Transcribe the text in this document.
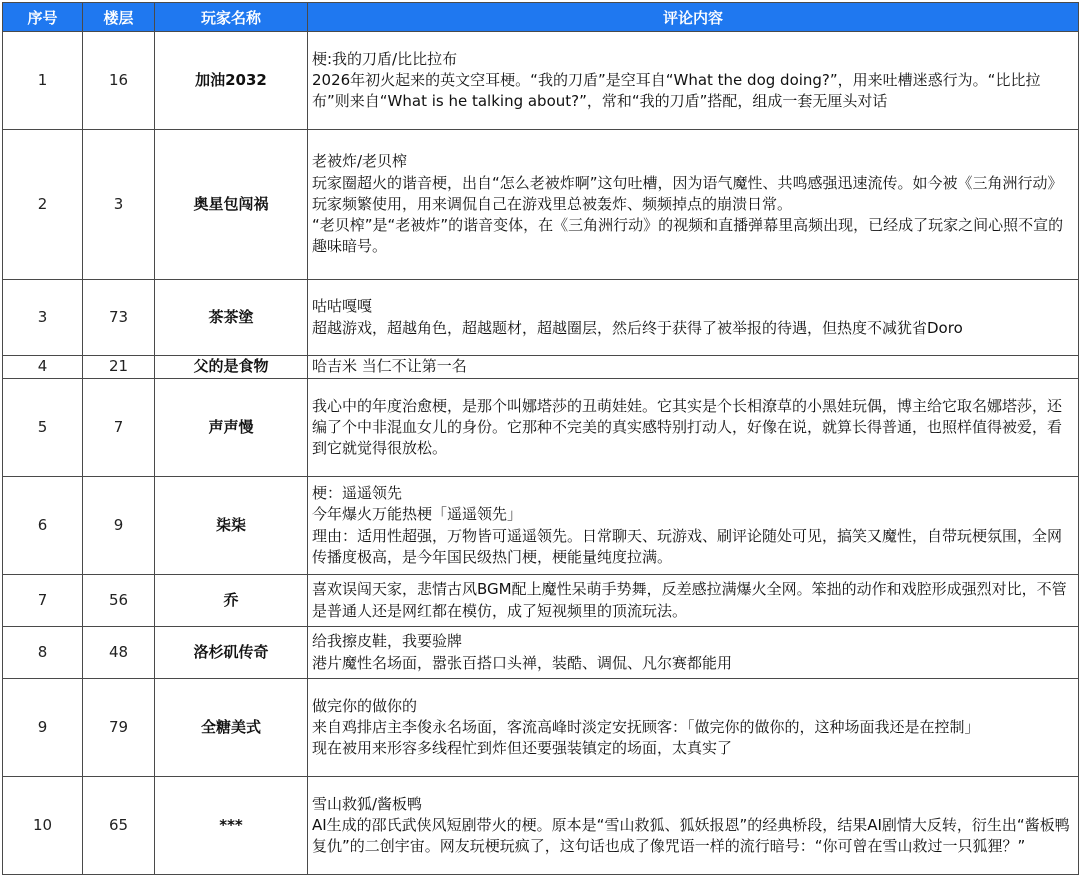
序号	楼层	玩家名称	评论内容
1	16	加油2032	梗:我的刀盾/比比拉布
2026年初火起来的英文空耳梗。“我的刀盾”是空耳自“What the dog doing?”，用来吐槽迷惑行为。“比比拉布”则来自“What is he talking about?”，常和“我的刀盾”搭配，组成一套无厘头对话

2	3	奥星包闯祸	老被炸/老贝榨
玩家圈超火的谐音梗，出自“怎么老被炸啊”这句吐槽，因为语气魔性、共鸣感强迅速流传。如今被《三角洲行动》玩家频繁使用，用来调侃自己在游戏里总被轰炸、频频掉点的崩溃日常。
“老贝榨”是“老被炸”的谐音变体，在《三角洲行动》的视频和直播弹幕里高频出现，已经成了玩家之间心照不宣的趣味暗号。

3	73	茶茶塗	咕咕嘎嘎
超越游戏，超越角色，超越题材，超越圈层，然后终于获得了被举报的待遇，但热度不减犹省Doro

4	21	父的是食物	哈吉米 当仁不让第一名

5	7	声声慢	我心中的年度治愈梗，是那个叫娜塔莎的丑萌娃娃。它其实是个长相潦草的小黑娃玩偶，博主给它取名娜塔莎，还编了个中非混血女儿的身份。它那种不完美的真实感特别打动人，好像在说，就算长得普通，也照样值得被爱，看到它就觉得很放松。

6	9	柒柒	梗：遥遥领先
今年爆火万能热梗「遥遥领先」
理由：适用性超强，万物皆可遥遥领先。日常聊天、玩游戏、刷评论随处可见，搞笑又魔性，自带玩梗氛围，全网传播度极高，是今年国民级热门梗，梗能量纯度拉满。

7	56	乔	喜欢误闯天家，悲情古风BGM配上魔性呆萌手势舞，反差感拉满爆火全网。笨拙的动作和戏腔形成强烈对比，不管是普通人还是网红都在模仿，成了短视频里的顶流玩法。

8	48	洛杉矶传奇	给我擦皮鞋，我要验牌
港片魔性名场面，嚣张百搭口头禅，装酷、调侃、凡尔赛都能用

9	79	全糖美式	做完你的做你的
来自鸡排店主李俊永名场面，客流高峰时淡定安抚顾客：「做完你的做你的，这种场面我还是在控制」
现在被用来形容多线程忙到炸但还要强装镇定的场面，太真实了

10	65	***	雪山救狐/酱板鸭
AI生成的邵氏武侠风短剧带火的梗。原本是“雪山救狐、狐妖报恩”的经典桥段，结果AI剧情大反转，衍生出“酱板鸭复仇”的二创宇宙。网友玩梗玩疯了，这句话也成了像咒语一样的流行暗号：“你可曾在雪山救过一只狐狸？”
